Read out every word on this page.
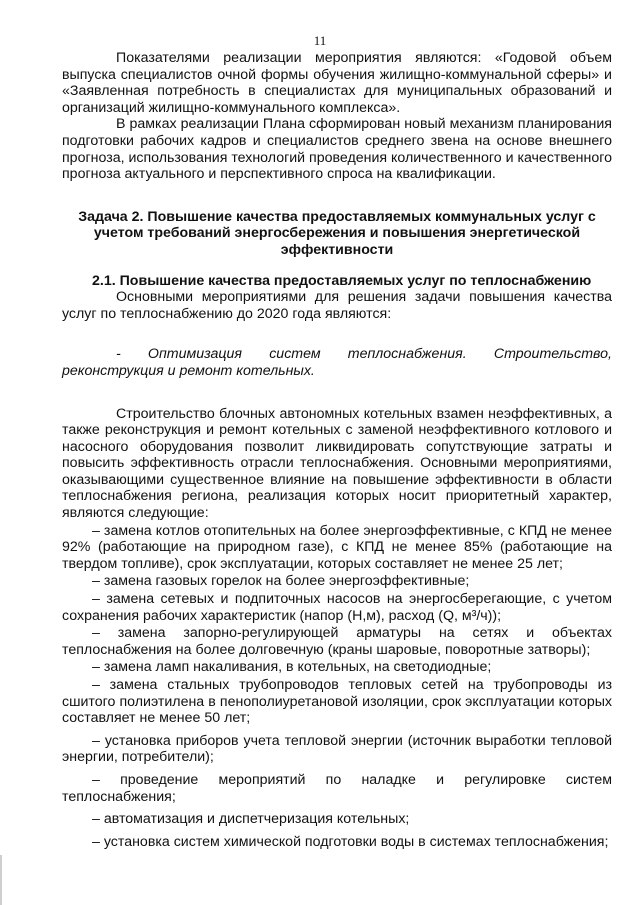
11

Показателями реализации мероприятия являются: «Годовой объем выпуска специалистов очной формы обучения жилищно-коммунальной сферы» и «Заявленная потребность в специалистах для муниципальных образований и организаций жилищно-коммунального комплекса».

В рамках реализации Плана сформирован новый механизм планирования подготовки рабочих кадров и специалистов среднего звена на основе внешнего прогноза, использования технологий проведения количественного и качественного прогноза актуального и перспективного спроса на квалификации.

Задача 2. Повышение качества предоставляемых коммунальных услуг с учетом требований энергосбережения и повышения энергетической эффективности

2.1. Повышение качества предоставляемых услуг по теплоснабжению

Основными мероприятиями для решения задачи повышения качества услуг по теплоснабжению до 2020 года являются:

- Оптимизация систем теплоснабжения. Строительство, реконструкция и ремонт котельных.

Строительство блочных автономных котельных взамен неэффективных, а также реконструкция и ремонт котельных с заменой неэффективного котлового и насосного оборудования позволит ликвидировать сопутствующие затраты и повысить эффективность отрасли теплоснабжения. Основными мероприятиями, оказывающими существенное влияние на повышение эффективности в области теплоснабжения региона, реализация которых носит приоритетный характер, являются следующие:

– замена котлов отопительных на более энергоэффективные, с КПД не менее 92% (работающие на природном газе), с КПД не менее 85% (работающие на твердом топливе), срок эксплуатации, которых составляет не менее 25 лет;

– замена газовых горелок на более энергоэффективные;

– замена сетевых и подпиточных насосов на энергосберегающие, с учетом сохранения рабочих характеристик (напор (Н,м), расход (Q, м³/ч));

– замена запорно-регулирующей арматуры на сетях и объектах теплоснабжения на более долговечную (краны шаровые, поворотные затворы);

– замена ламп накаливания, в котельных, на светодиодные;

– замена стальных трубопроводов тепловых сетей на трубопроводы из сшитого полиэтилена в пенополиуретановой изоляции, срок эксплуатации которых составляет не менее 50 лет;

– установка приборов учета тепловой энергии (источник выработки тепловой энергии, потребители);

– проведение мероприятий по наладке и регулировке систем теплоснабжения;

– автоматизация и диспетчеризация котельных;

– установка систем химической подготовки воды в системах теплоснабжения;
